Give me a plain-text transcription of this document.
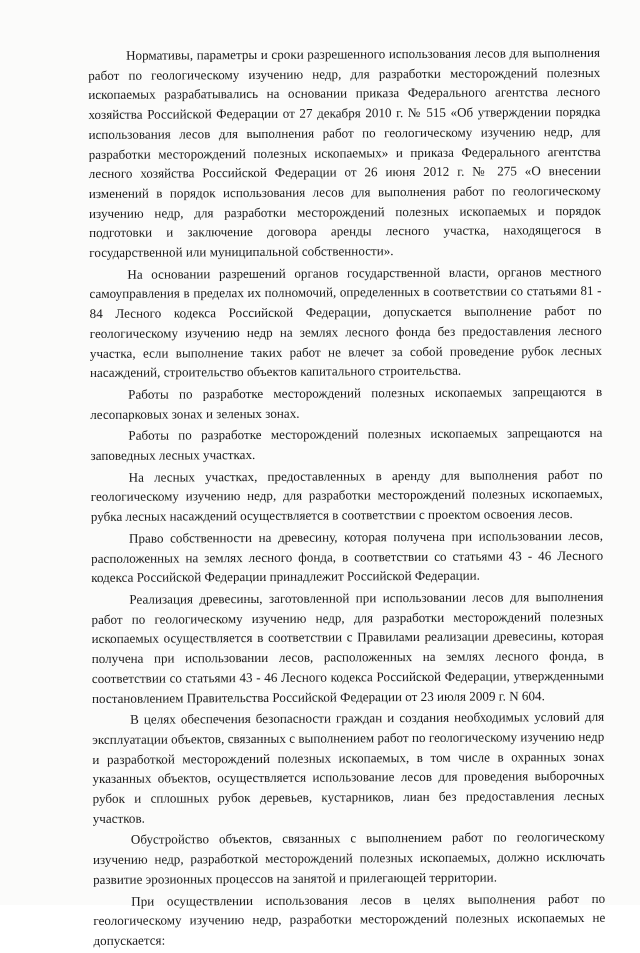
Нормативы, параметры и сроки разрешенного использования лесов для выполнения работ по геологическому изучению недр, для разработки месторождений полезных ископаемых разрабатывались на основании приказа Федерального агентства лесного хозяйства Российской Федерации от 27 декабря 2010 г. № 515 «Об утверждении порядка использования лесов для выполнения работ по геологическому изучению недр, для разработки месторождений полезных ископаемых» и приказа Федерального агентства лесного хозяйства Российской Федерации от 26 июня 2012 г. № 275 «О внесении изменений в порядок использования лесов для выполнения работ по геологическому изучению недр, для разработки месторождений полезных ископаемых и порядок подготовки и заключение договора аренды лесного участка, находящегося в государственной или муниципальной собственности».

На основании разрешений органов государственной власти, органов местного самоуправления в пределах их полномочий, определенных в соответствии со статьями 81 - 84 Лесного кодекса Российской Федерации, допускается выполнение работ по геологическому изучению недр на землях лесного фонда без предоставления лесного участка, если выполнение таких работ не влечет за собой проведение рубок лесных насаждений, строительство объектов капитального строительства.

Работы по разработке месторождений полезных ископаемых запрещаются в лесопарковых зонах и зеленых зонах.

Работы по разработке месторождений полезных ископаемых запрещаются на заповедных лесных участках.

На лесных участках, предоставленных в аренду для выполнения работ по геологическому изучению недр, для разработки месторождений полезных ископаемых, рубка лесных насаждений осуществляется в соответствии с проектом освоения лесов.

Право собственности на древесину, которая получена при использовании лесов, расположенных на землях лесного фонда, в соответствии со статьями 43 - 46 Лесного кодекса Российской Федерации принадлежит Российской Федерации.

Реализация древесины, заготовленной при использовании лесов для выполнения работ по геологическому изучению недр, для разработки месторождений полезных ископаемых осуществляется в соответствии с Правилами реализации древесины, которая получена при использовании лесов, расположенных на землях лесного фонда, в соответствии со статьями 43 - 46 Лесного кодекса Российской Федерации, утвержденными постановлением Правительства Российской Федерации от 23 июля 2009 г. N 604.

В целях обеспечения безопасности граждан и создания необходимых условий для эксплуатации объектов, связанных с выполнением работ по геологическому изучению недр и разработкой месторождений полезных ископаемых, в том числе в охранных зонах указанных объектов, осуществляется использование лесов для проведения выборочных рубок и сплошных рубок деревьев, кустарников, лиан без предоставления лесных участков.

Обустройство объектов, связанных с выполнением работ по геологическому изучению недр, разработкой месторождений полезных ископаемых, должно исключать развитие эрозионных процессов на занятой и прилегающей территории.

При осуществлении использования лесов в целях выполнения работ по геологическому изучению недр, разработки месторождений полезных ископаемых не допускается:
